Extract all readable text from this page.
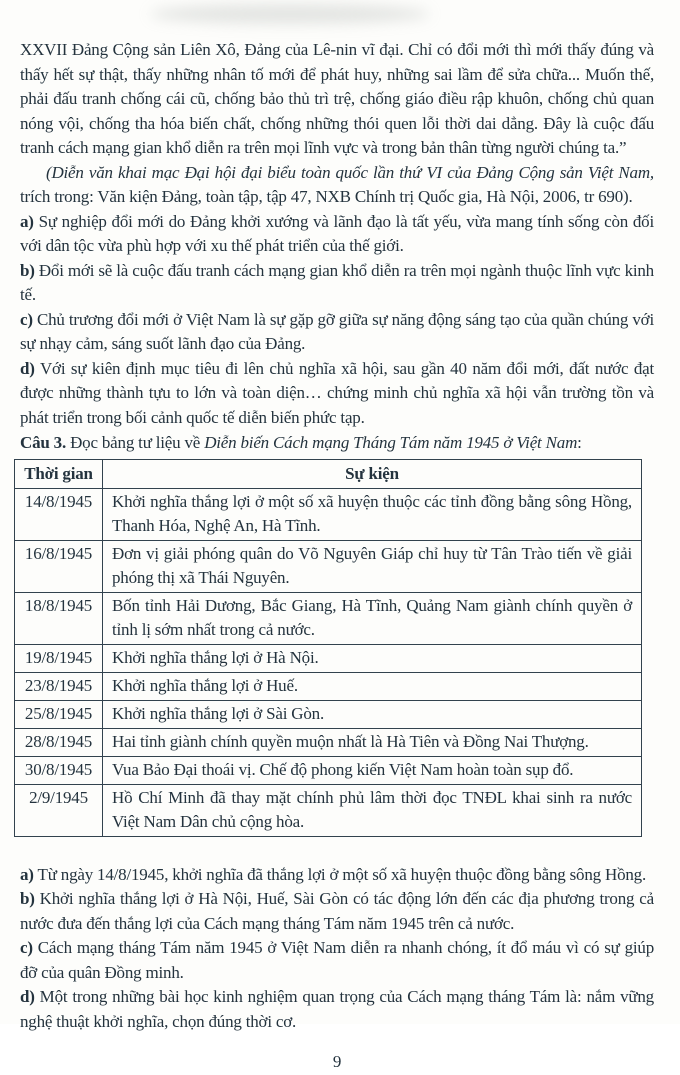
XXVII Đảng Cộng sản Liên Xô, Đảng của Lê-nin vĩ đại. Chỉ có đổi mới thì mới thấy đúng và thấy hết sự thật, thấy những nhân tố mới để phát huy, những sai lầm để sửa chữa... Muốn thế, phải đấu tranh chống cái cũ, chống bảo thủ trì trệ, chống giáo điều rập khuôn, chống chủ quan nóng vội, chống tha hóa biến chất, chống những thói quen lỗi thời dai dẳng. Đây là cuộc đấu tranh cách mạng gian khổ diễn ra trên mọi lĩnh vực và trong bản thân từng người chúng ta.”

(Diễn văn khai mạc Đại hội đại biểu toàn quốc lần thứ VI của Đảng Cộng sản Việt Nam, trích trong: Văn kiện Đảng, toàn tập, tập 47, NXB Chính trị Quốc gia, Hà Nội, 2006, tr 690).

a) Sự nghiệp đổi mới do Đảng khởi xướng và lãnh đạo là tất yếu, vừa mang tính sống còn đối với dân tộc vừa phù hợp với xu thế phát triển của thế giới.

b) Đổi mới sẽ là cuộc đấu tranh cách mạng gian khổ diễn ra trên mọi ngành thuộc lĩnh vực kinh tế.

c) Chủ trương đổi mới ở Việt Nam là sự gặp gỡ giữa sự năng động sáng tạo của quần chúng với sự nhạy cảm, sáng suốt lãnh đạo của Đảng.

d) Với sự kiên định mục tiêu đi lên chủ nghĩa xã hội, sau gần 40 năm đổi mới, đất nước đạt được những thành tựu to lớn và toàn diện… chứng minh chủ nghĩa xã hội vẫn trường tồn và phát triển trong bối cảnh quốc tế diễn biến phức tạp.

Câu 3. Đọc bảng tư liệu về Diễn biến Cách mạng Tháng Tám năm 1945 ở Việt Nam:

Thời gian	Sự kiện
14/8/1945	Khởi nghĩa thắng lợi ở một số xã huyện thuộc các tỉnh đồng bằng sông Hồng, Thanh Hóa, Nghệ An, Hà Tĩnh.
16/8/1945	Đơn vị giải phóng quân do Võ Nguyên Giáp chỉ huy từ Tân Trào tiến về giải phóng thị xã Thái Nguyên.
18/8/1945	Bốn tỉnh Hải Dương, Bắc Giang, Hà Tĩnh, Quảng Nam giành chính quyền ở tỉnh lị sớm nhất trong cả nước.
19/8/1945	Khởi nghĩa thắng lợi ở Hà Nội.
23/8/1945	Khởi nghĩa thắng lợi ở Huế.
25/8/1945	Khởi nghĩa thắng lợi ở Sài Gòn.
28/8/1945	Hai tỉnh giành chính quyền muộn nhất là Hà Tiên và Đồng Nai Thượng.
30/8/1945	Vua Bảo Đại thoái vị. Chế độ phong kiến Việt Nam hoàn toàn sụp đổ.
2/9/1945	Hồ Chí Minh đã thay mặt chính phủ lâm thời đọc TNĐL khai sinh ra nước Việt Nam Dân chủ cộng hòa.

a) Từ ngày 14/8/1945, khởi nghĩa đã thắng lợi ở một số xã huyện thuộc đồng bằng sông Hồng.

b) Khởi nghĩa thắng lợi ở Hà Nội, Huế, Sài Gòn có tác động lớn đến các địa phương trong cả nước đưa đến thắng lợi của Cách mạng tháng Tám năm 1945 trên cả nước.

c) Cách mạng tháng Tám năm 1945 ở Việt Nam diễn ra nhanh chóng, ít đổ máu vì có sự giúp đỡ của quân Đồng minh.

d) Một trong những bài học kinh nghiệm quan trọng của Cách mạng tháng Tám là: nắm vững nghệ thuật khởi nghĩa, chọn đúng thời cơ.

9
